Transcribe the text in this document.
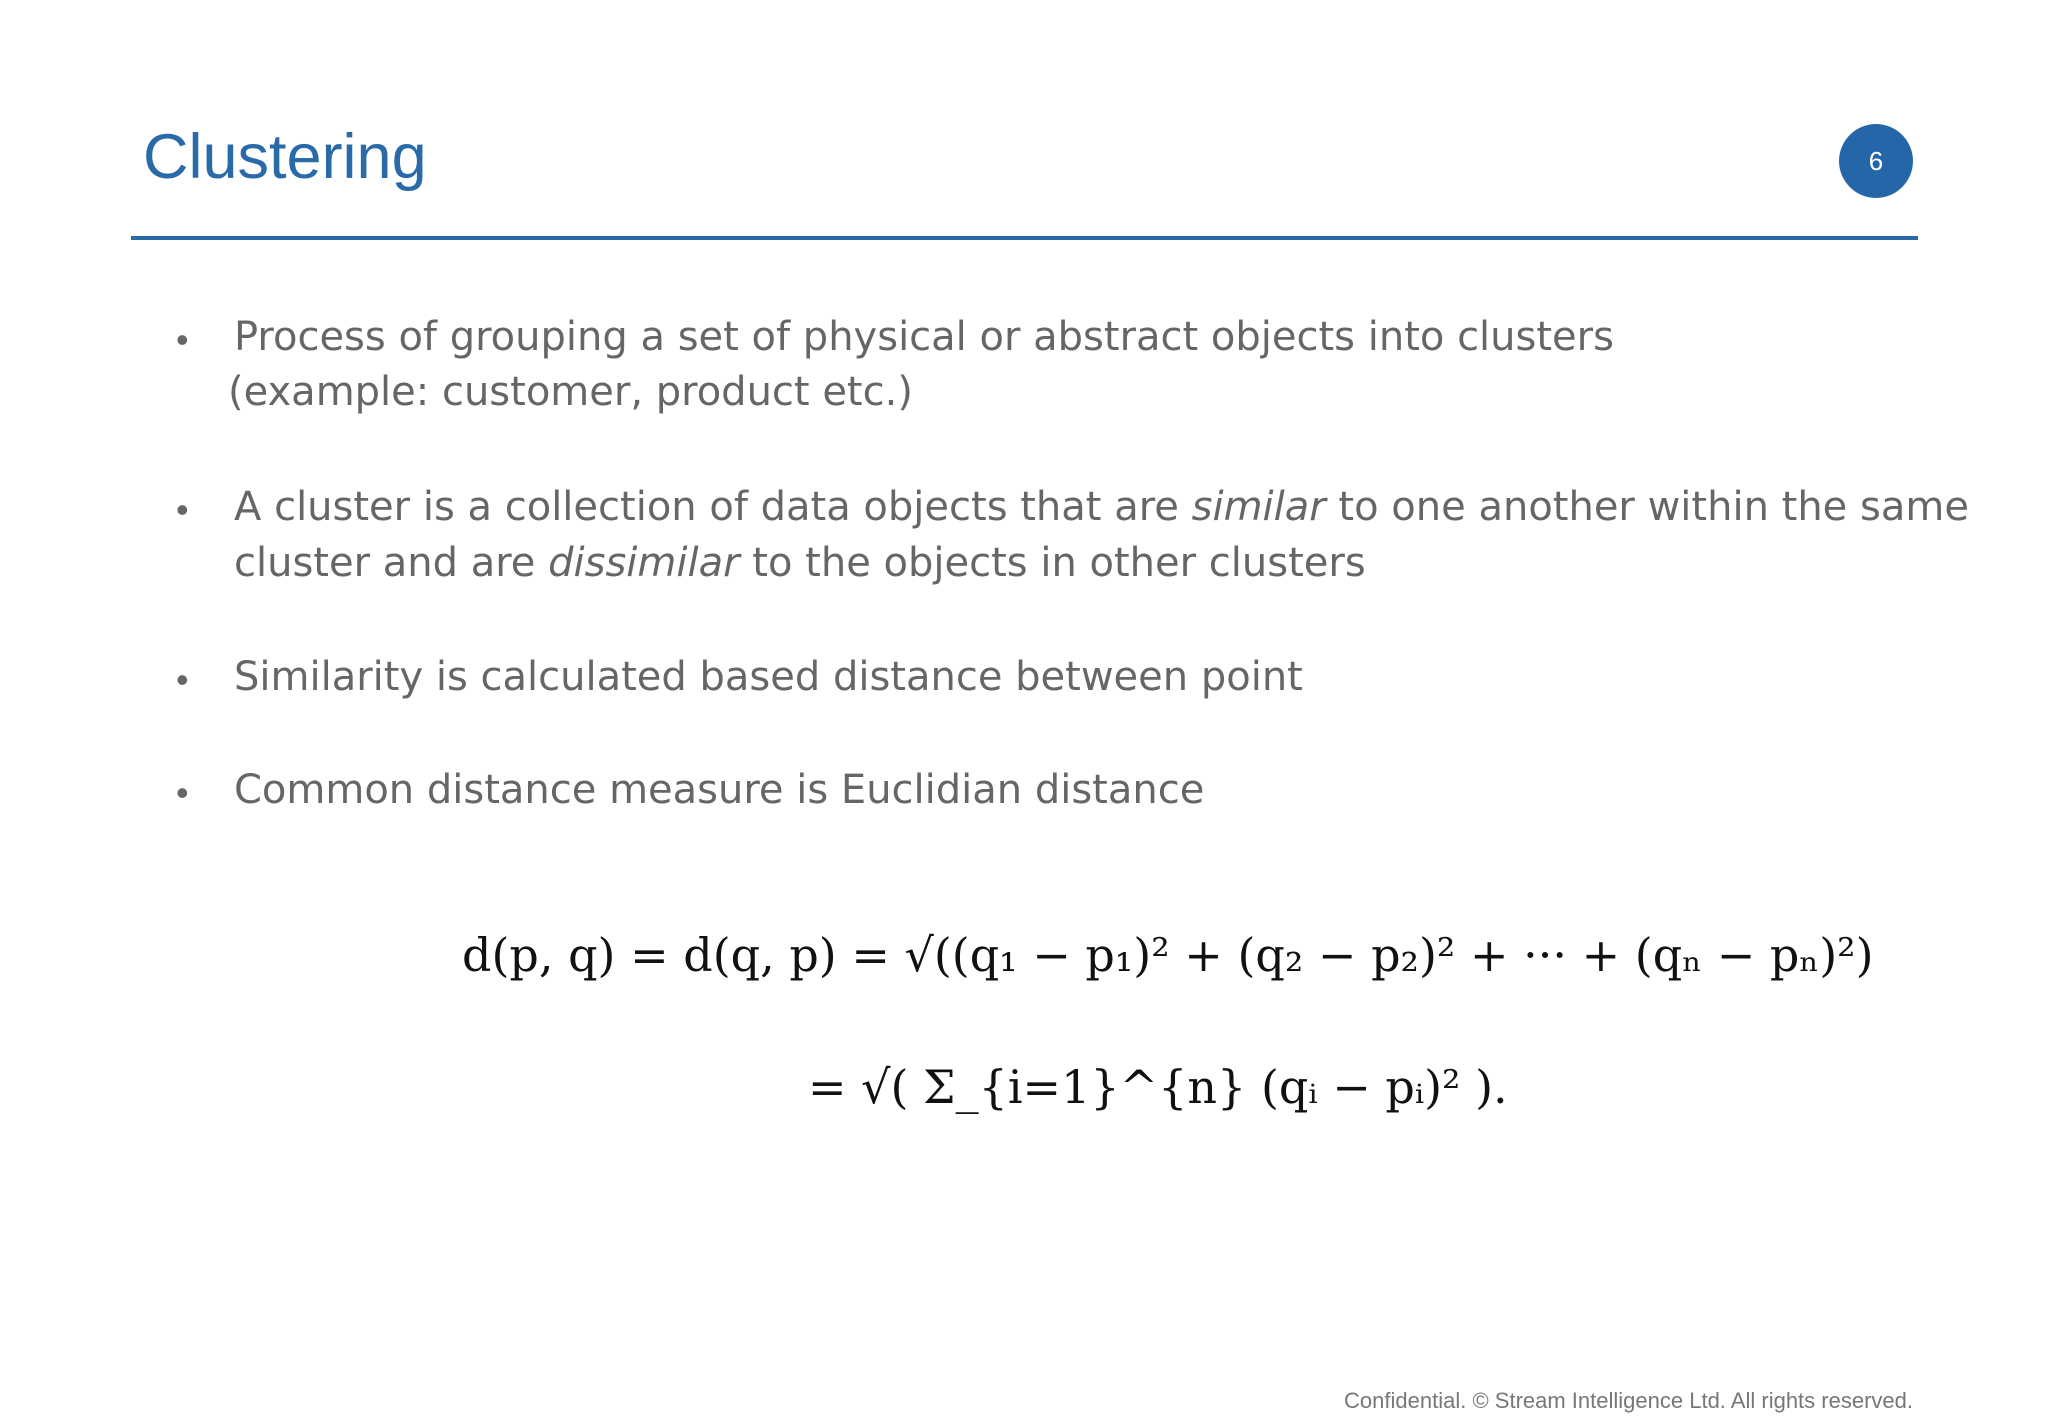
Clustering	6
•	Process of grouping a set of physical or abstract objects into clusters
(example: customer, product etc.)
•	A cluster is a collection of data objects that are similar to one another within the same
cluster and are dissimilar to the objects in other clusters
•	Similarity is calculated based distance between point
•	Common distance measure is Euclidian distance
d(p, q) = d(q, p) = √((q₁ − p₁)² + (q₂ − p₂)² + ··· + (qₙ − pₙ)²)
= √( Σ_{i=1}^{n} (qᵢ − pᵢ)² ).
Confidential. © Stream Intelligence Ltd. All rights reserved.
